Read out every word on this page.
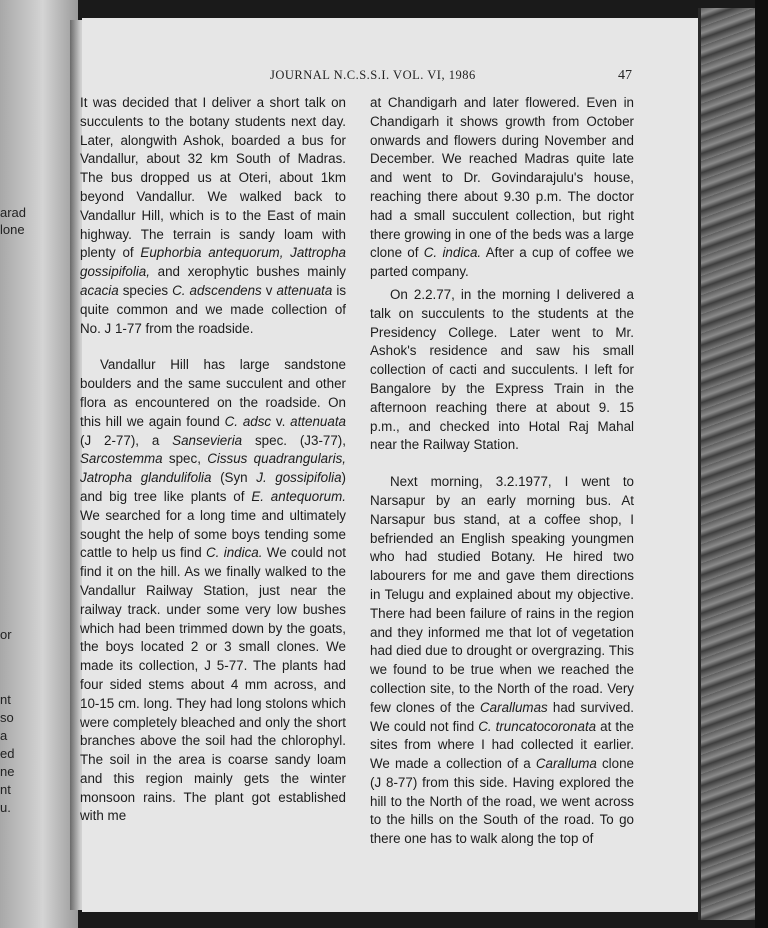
arad
lone
or
nt
so
a
ed
ne
nt
u.
JOURNAL N.C.S.S.I. VOL. VI, 1986	47

It was decided that I deliver a short talk on succulents to the botany students next day. Later, alongwith Ashok, boarded a bus for Vandallur, about 32 km South of Madras. The bus dropped us at Oteri, about 1km beyond Vandallur. We walked back to Vandallur Hill, which is to the East of main highway. The terrain is sandy loam with plenty of Euphorbia antequorum, Jattropha gossipifolia, and xerophytic bushes mainly acacia species C. adscendens v attenuata is quite common and we made collection of No. J 1-77 from the roadside.

Vandallur Hill has large sandstone boulders and the same succulent and other flora as encountered on the roadside. On this hill we again found C. adsc v. attenuata (J 2-77), a Sansevieria spec. (J3-77), Sarcostemma spec, Cissus quadrangularis, Jatropha glandulifolia (Syn J. gossipifolia) and big tree like plants of E. antequorum. We searched for a long time and ultimately sought the help of some boys tending some cattle to help us find C. indica. We could not find it on the hill. As we finally walked to the Vandallur Railway Station, just near the railway track. under some very low bushes which had been trimmed down by the goats, the boys located 2 or 3 small clones. We made its collection, J 5-77. The plants had four sided stems about 4 mm across, and 10-15 cm. long. They had long stolons which were completely bleached and only the short branches above the soil had the chlorophyl. The soil in the area is coarse sandy loam and this region mainly gets the winter monsoon rains. The plant got established with me

at Chandigarh and later flowered. Even in Chandigarh it shows growth from October onwards and flowers during November and December. We reached Madras quite late and went to Dr. Govindarajulu's house, reaching there about 9.30 p.m. The doctor had a small succulent collection, but right there growing in one of the beds was a large clone of C. indica. After a cup of coffee we parted company.

On 2.2.77, in the morning I delivered a talk on succulents to the students at the Presidency College. Later went to Mr. Ashok's residence and saw his small collection of cacti and succulents. I left for Bangalore by the Express Train in the afternoon reaching there at about 9. 15 p.m., and checked into Hotal Raj Mahal near the Railway Station.

Next morning, 3.2.1977, I went to Narsapur by an early morning bus. At Narsapur bus stand, at a coffee shop, I befriended an English speaking youngmen who had studied Botany. He hired two labourers for me and gave them directions in Telugu and explained about my objective. There had been failure of rains in the region and they informed me that lot of vegetation had died due to drought or overgrazing. This we found to be true when we reached the collection site, to the North of the road. Very few clones of the Carallumas had survived. We could not find C. truncatocoronata at the sites from where I had collected it earlier. We made a collection of a Caralluma clone (J 8-77) from this side. Having explored the hill to the North of the road, we went across to the hills on the South of the road. To go there one has to walk along the top of
